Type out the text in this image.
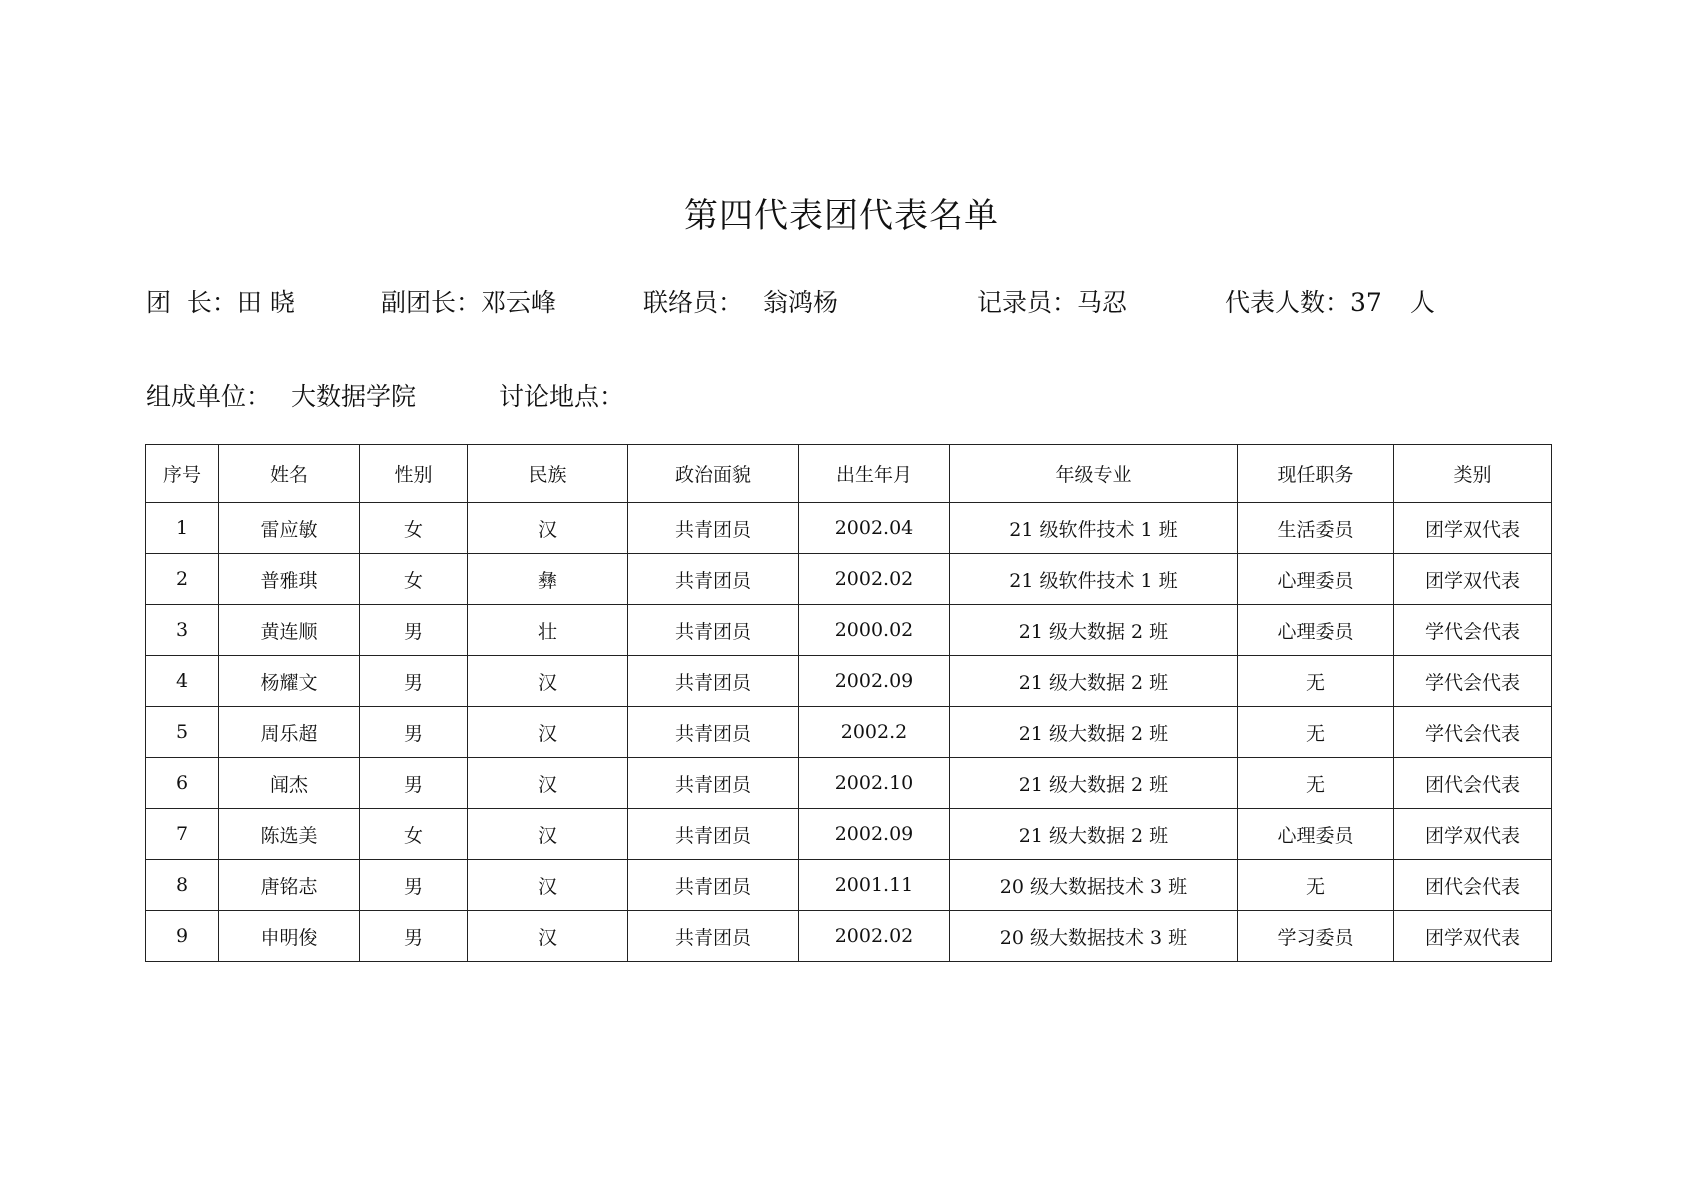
第四代表团代表名单
团  长：田 晓	副团长：邓云峰	联络员： 翁鸿杨	记录员：马忍	代表人数：37 人
组成单位： 大数据学院	讨论地点：
序号	姓名	性别	民族	政治面貌	出生年月	年级专业	现任职务	类别
1	雷应敏	女	汉	共青团员	2002.04	21 级软件技术 1 班	生活委员	团学双代表
2	普雅琪	女	彝	共青团员	2002.02	21 级软件技术 1 班	心理委员	团学双代表
3	黄连顺	男	壮	共青团员	2000.02	21 级大数据 2 班	心理委员	学代会代表
4	杨耀文	男	汉	共青团员	2002.09	21 级大数据 2 班	无	学代会代表
5	周乐超	男	汉	共青团员	2002.2	21 级大数据 2 班	无	学代会代表
6	闻杰	男	汉	共青团员	2002.10	21 级大数据 2 班	无	团代会代表
7	陈选美	女	汉	共青团员	2002.09	21 级大数据 2 班	心理委员	团学双代表
8	唐铭志	男	汉	共青团员	2001.11	20 级大数据技术 3 班	无	团代会代表
9	申明俊	男	汉	共青团员	2002.02	20 级大数据技术 3 班	学习委员	团学双代表
